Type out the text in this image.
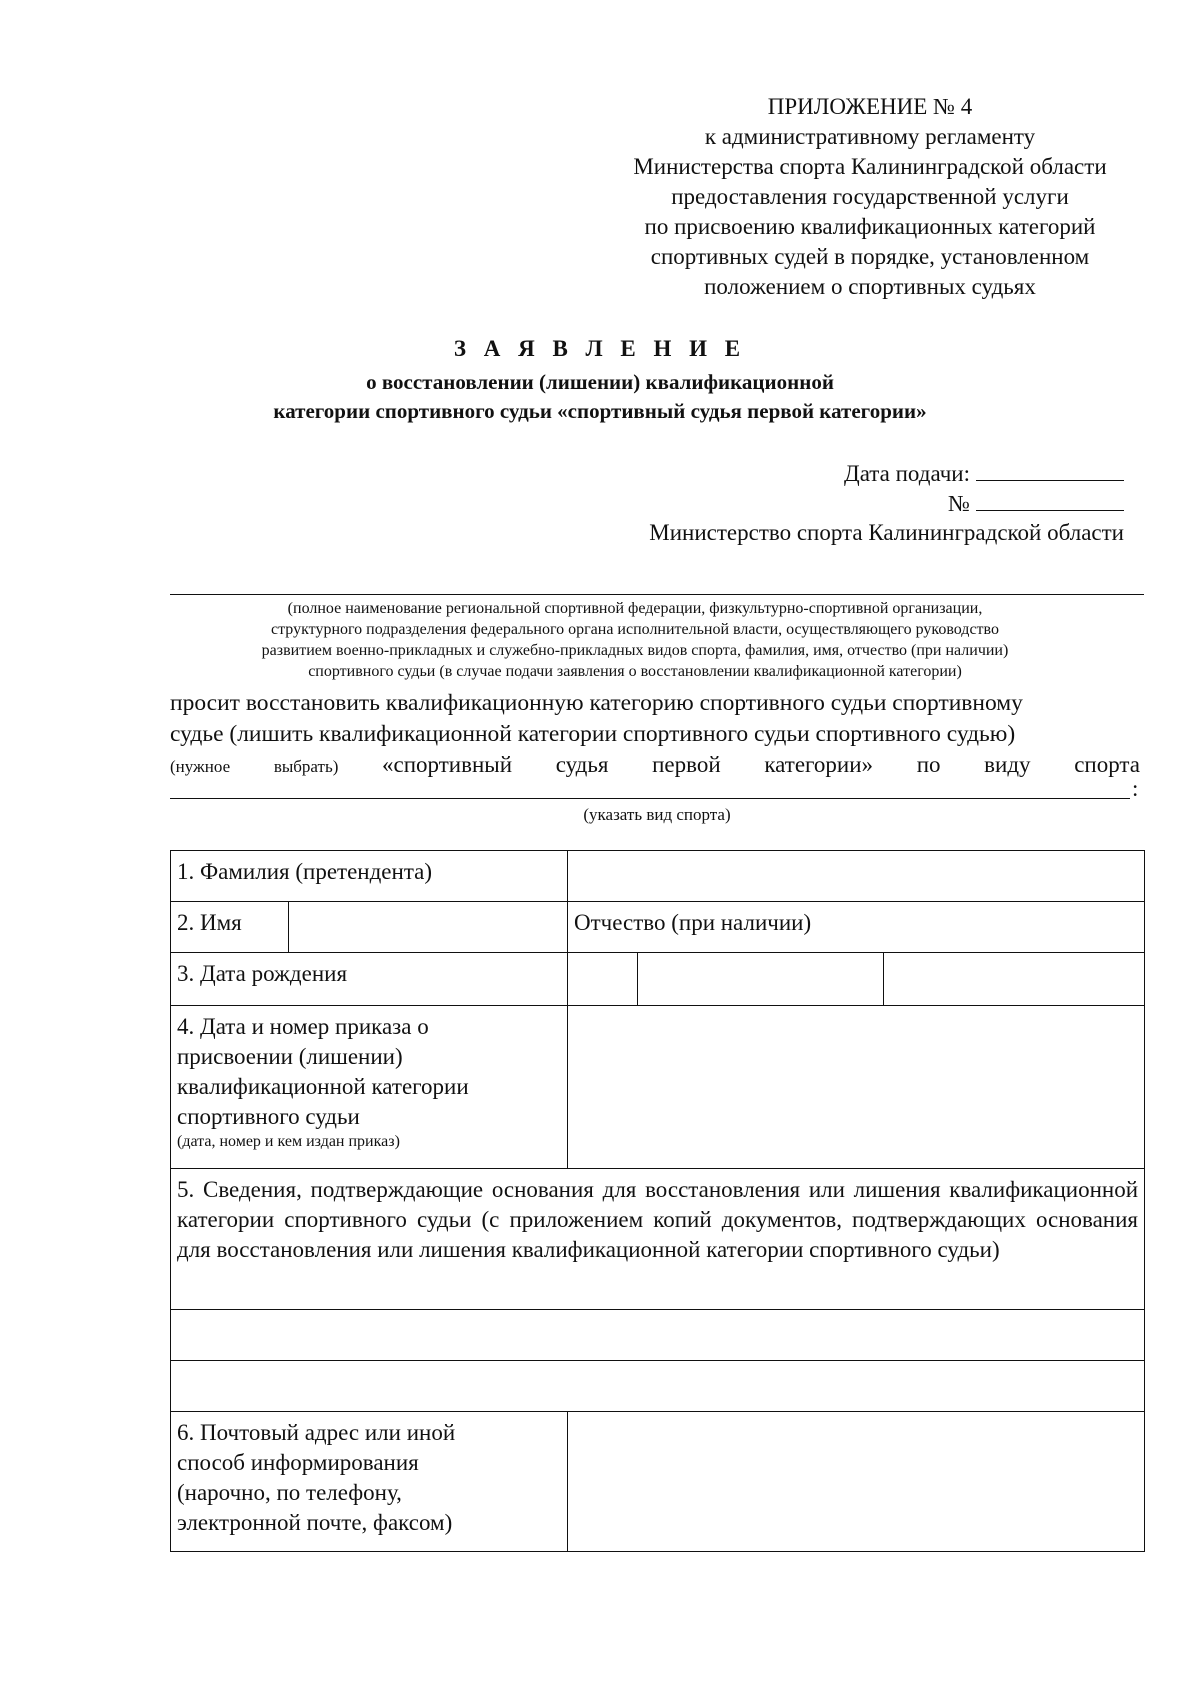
ПРИЛОЖЕНИЕ № 4
к административному регламенту
Министерства спорта Калининградской области
предоставления государственной услуги
по присвоению квалификационных категорий
спортивных судей в порядке, установленном
положением о спортивных судьях
З А Я В Л Е Н И Е
о восстановлении (лишении) квалификационной
категории спортивного судьи «спортивный судья первой категории»
Дата подачи:
№
Министерство спорта Калининградской области
(полное наименование региональной спортивной федерации, физкультурно-спортивной организации,
структурного подразделения федерального органа исполнительной власти, осуществляющего руководство
развитием военно-прикладных и служебно-прикладных видов спорта, фамилия, имя, отчество (при наличии)
спортивного судьи (в случае подачи заявления о восстановлении квалификационной категории)
просит восстановить квалификационную категорию спортивного судьи спортивному
судье (лишить квалификационной категории спортивного судьи спортивного судью)
(нужное	выбрать) «спортивный судья первой категории» по виду спорта
:
(указать вид спорта)
1. Фамилия (претендента)				
2. Имя		Отчество (при наличии)		
3. Дата рождения				

4. Дата и номер приказа о
присвоении (лишении)
квалификационной категории
спортивного судьи
(дата, номер и кем издан приказ)				

5. Сведения, подтверждающие основания для восстановления или лишения квалификационной категории спортивного судьи (с приложением копий документов, подтверждающих основания для восстановления или лишения квалификационной категории спортивного судьи)				

6. Почтовый адрес или иной
способ информирования
(нарочно, по телефону,
электронной почте, факсом)				
